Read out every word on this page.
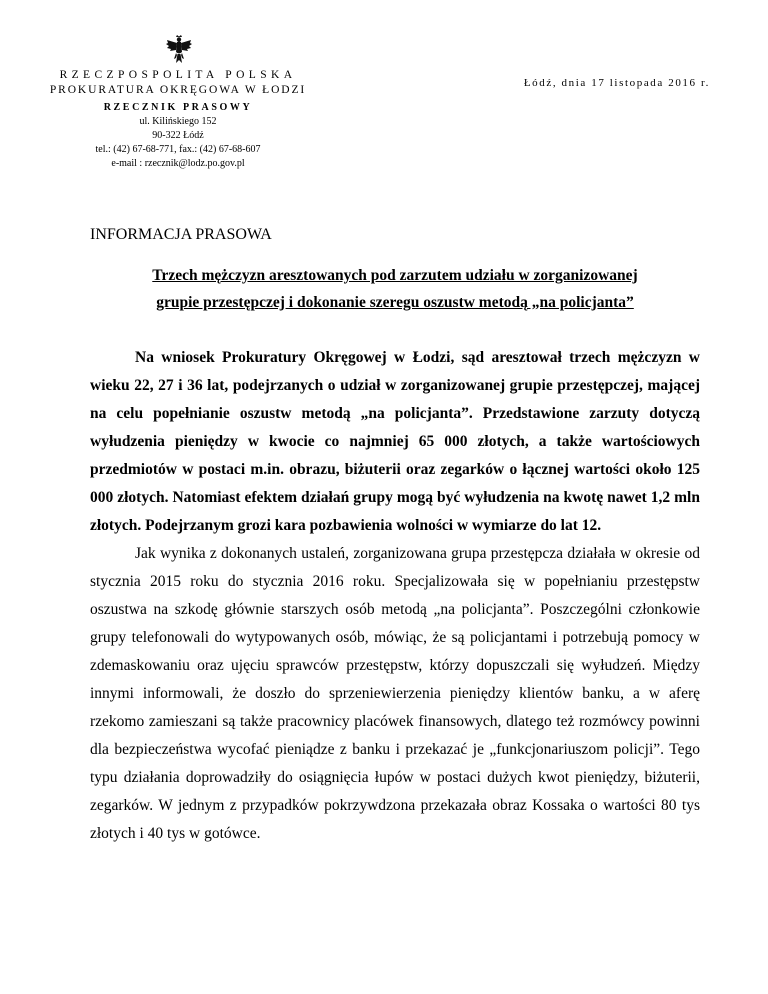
RZECZPOSPOLITA POLSKA
PROKURATURA OKRĘGOWA W ŁODZI
RZECZNIK PRASOWY
ul. Kilińskiego 152
90-322 Łódź
tel.: (42) 67-68-771, fax.: (42) 67-68-607
e-mail : rzecznik@lodz.po.gov.pl
Łódź, dnia 17 listopada 2016 r.
INFORMACJA PRASOWA
Trzech mężczyzn aresztowanych pod zarzutem udziału w zorganizowanej
grupie przestępczej i dokonanie szeregu oszustw metodą „na policjanta”

Na wniosek Prokuratury Okręgowej w Łodzi, sąd aresztował trzech mężczyzn w wieku 22, 27 i 36 lat, podejrzanych o udział w zorganizowanej grupie przestępczej, mającej na celu popełnianie oszustw metodą „na policjanta”. Przedstawione zarzuty dotyczą wyłudzenia pieniędzy w kwocie co najmniej 65 000 złotych, a także wartościowych przedmiotów w postaci m.in. obrazu, biżuterii oraz zegarków o łącznej wartości około 125 000 złotych. Natomiast efektem działań grupy mogą być wyłudzenia na kwotę nawet 1,2 mln złotych. Podejrzanym grozi kara pozbawienia wolności w wymiarze do lat 12.

Jak wynika z dokonanych ustaleń, zorganizowana grupa przestępcza działała w okresie od stycznia 2015 roku do stycznia 2016 roku. Specjalizowała się w popełnianiu przestępstw oszustwa na szkodę głównie starszych osób metodą „na policjanta”. Poszczególni członkowie grupy telefonowali do wytypowanych osób, mówiąc, że są policjantami i potrzebują pomocy w zdemaskowaniu oraz ujęciu sprawców przestępstw, którzy dopuszczali się wyłudzeń. Między innymi informowali, że doszło do sprzeniewierzenia pieniędzy klientów banku, a w aferę rzekomo zamieszani są także pracownicy placówek finansowych, dlatego też rozmówcy powinni dla bezpieczeństwa wycofać pieniądze z banku i przekazać je „funkcjonariuszom policji”. Tego typu działania doprowadziły do osiągnięcia łupów w postaci dużych kwot pieniędzy, biżuterii, zegarków. W jednym z przypadków pokrzywdzona przekazała obraz Kossaka o wartości 80 tys złotych i 40 tys w gotówce.
